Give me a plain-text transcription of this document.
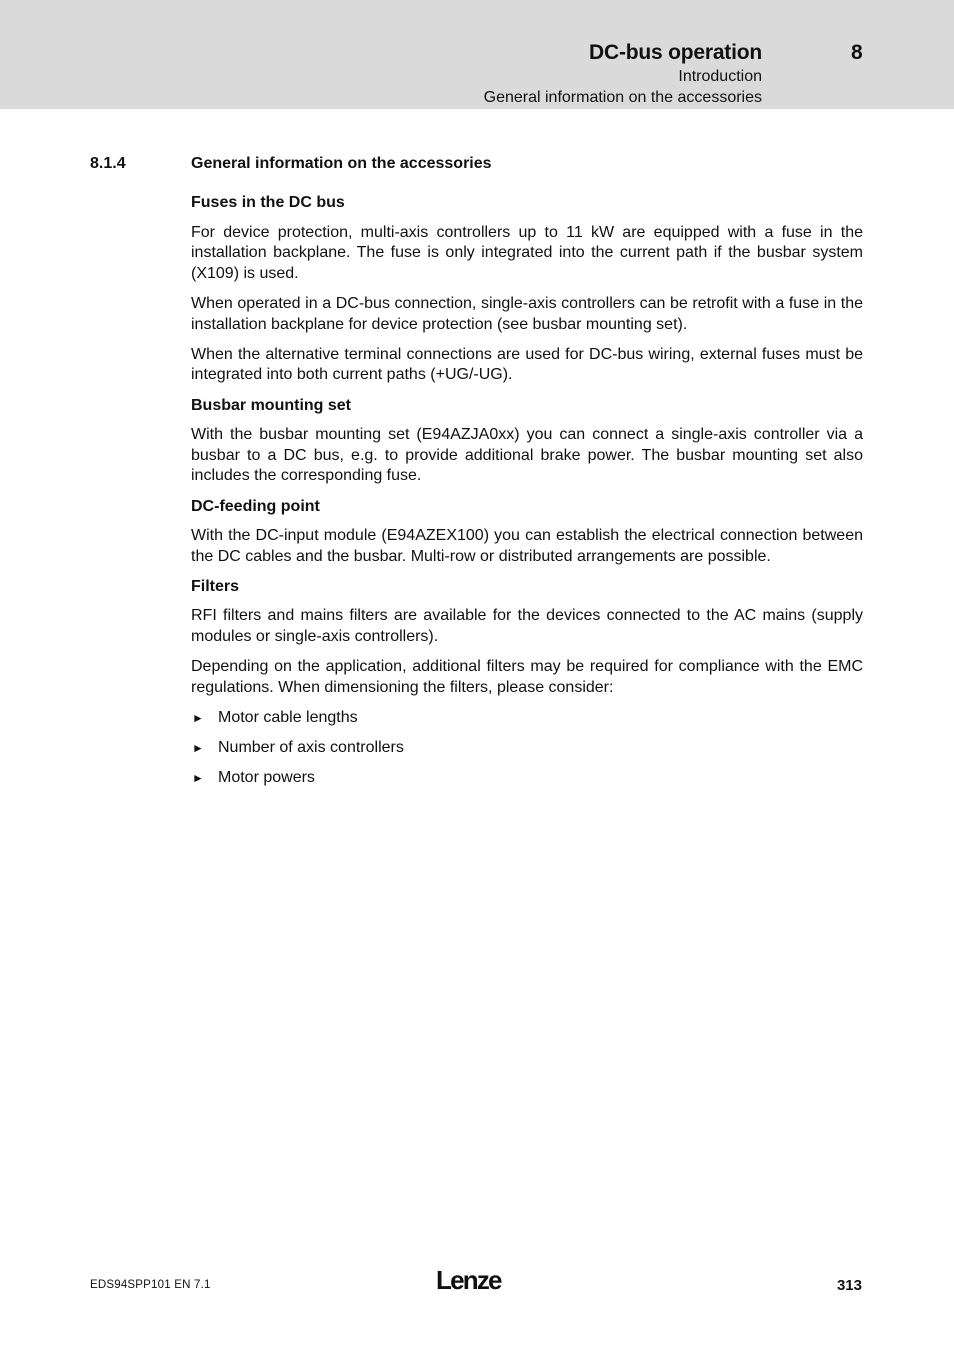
DC-bus operation	8
Introduction
General information on the accessories
8.1.4	General information on the accessories
Fuses in the DC bus

For device protection, multi-axis controllers up to 11 kW are equipped with a fuse in the installation backplane. The fuse is only integrated into the current path if the busbar system (X109) is used.

When operated in a DC-bus connection, single-axis controllers can be retrofit with a fuse in the installation backplane for device protection (see busbar mounting set).

When the alternative terminal connections are used for DC-bus wiring, external fuses must be integrated into both current paths (+UG/-UG).

Busbar mounting set

With the busbar mounting set (E94AZJA0xx) you can connect a single-axis controller via a busbar to a DC bus, e.g. to provide additional brake power. The busbar mounting set also includes the corresponding fuse.

DC-feeding point

With the DC-input module (E94AZEX100) you can establish the electrical connection between the DC cables and the busbar. Multi-row or distributed arrangements are possible.

Filters

RFI filters and mains filters are available for the devices connected to the AC mains (supply modules or single-axis controllers).

Depending on the application, additional filters may be required for compliance with the EMC regulations. When dimensioning the filters, please consider:

► Motor cable lengths
► Number of axis controllers
► Motor powers
EDS94SPP101 EN 7.1	Lenze	313
